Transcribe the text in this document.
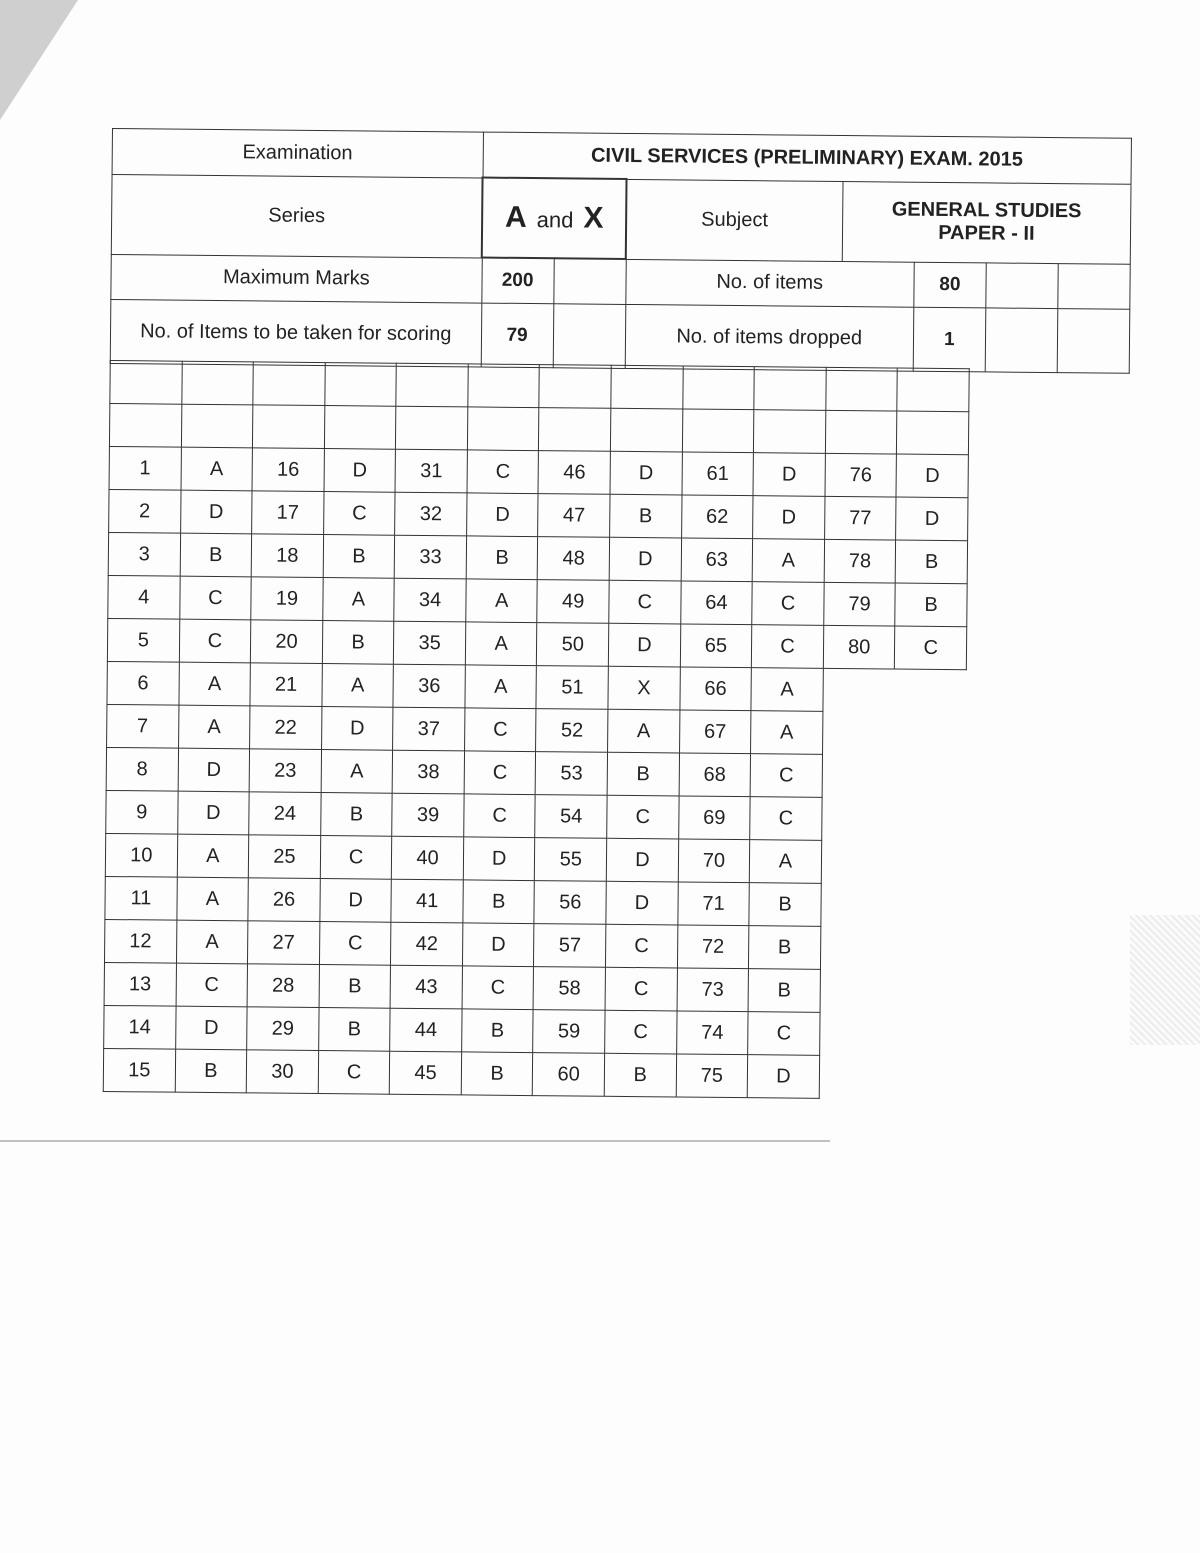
Examination	CIVIL SERVICES (PRELIMINARY) EXAM. 2015						
Series	A and X		Subject	GENERAL STUDIES
PAPER - II			

Maximum Marks	200		No. of items		80		
No. of Items to be taken for scoring	79		No. of items dropped		1		

1	A	16	D	31	C	46	D	61	D	76	D
2	D	17	C	32	D	47	B	62	D	77	D
3	B	18	B	33	B	48	D	63	A	78	B
4	C	19	A	34	A	49	C	64	C	79	B
5	C	20	B	35	A	50	D	65	C	80	C
6	A	21	A	36	A	51	X	66	A		
7	A	22	D	37	C	52	A	67	A		
8	D	23	A	38	C	53	B	68	C		
9	D	24	B	39	C	54	C	69	C		
10	A	25	C	40	D	55	D	70	A		
11	A	26	D	41	B	56	D	71	B		
12	A	27	C	42	D	57	C	72	B		
13	C	28	B	43	C	58	C	73	B		
14	D	29	B	44	B	59	C	74	C		
15	B	30	C	45	B	60	B	75	D		
